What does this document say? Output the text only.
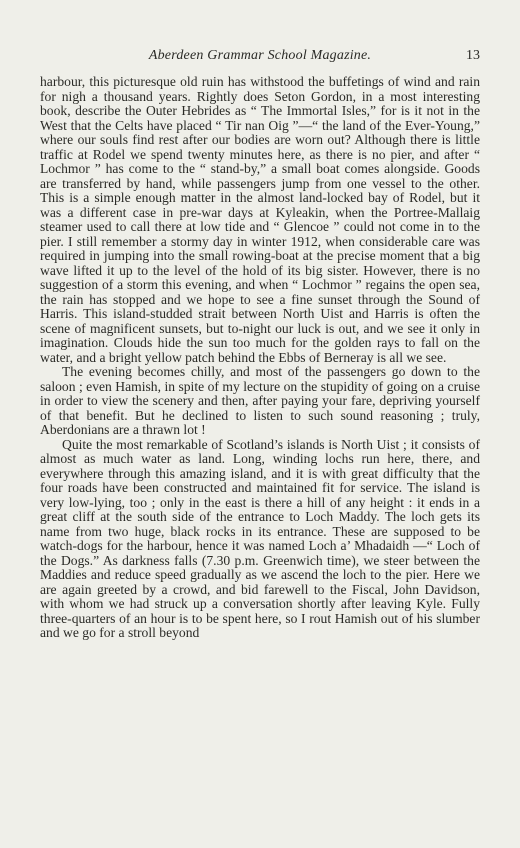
Aberdeen Grammar School Magazine.	13

harbour, this picturesque old ruin has withstood the buffetings of wind and rain for nigh a thousand years. Rightly does Seton Gordon, in a most interesting book, describe the Outer Hebrides as “ The Immortal Isles,” for is it not in the West that the Celts have placed “ Tir nan Oig ”—“ the land of the Ever-Young,” where our souls find rest after our bodies are worn out? Although there is little traffic at Rodel we spend twenty minutes here, as there is no pier, and after “ Lochmor ” has come to the “ stand-by,” a small boat comes alongside. Goods are transferred by hand, while passengers jump from one vessel to the other. This is a simple enough matter in the almost land-locked bay of Rodel, but it was a different case in pre-war days at Kyleakin, when the Portree-Mallaig steamer used to call there at low tide and “ Glencoe ” could not come in to the pier. I still remember a stormy day in winter 1912, when considerable care was required in jumping into the small rowing-boat at the precise moment that a big wave lifted it up to the level of the hold of its big sister. However, there is no suggestion of a storm this evening, and when “ Lochmor ” regains the open sea, the rain has stopped and we hope to see a fine sunset through the Sound of Harris. This island-studded strait between North Uist and Harris is often the scene of magnificent sunsets, but to-night our luck is out, and we see it only in imagination. Clouds hide the sun too much for the golden rays to fall on the water, and a bright yellow patch behind the Ebbs of Berneray is all we see.

The evening becomes chilly, and most of the passengers go down to the saloon ; even Hamish, in spite of my lecture on the stupidity of going on a cruise in order to view the scenery and then, after paying your fare, depriving yourself of that benefit. But he declined to listen to such sound reasoning ; truly, Aberdonians are a thrawn lot !

Quite the most remarkable of Scotland’s islands is North Uist ; it consists of almost as much water as land. Long, winding lochs run here, there, and everywhere through this amazing island, and it is with great difficulty that the four roads have been constructed and maintained fit for service. The island is very low-lying, too ; only in the east is there a hill of any height : it ends in a great cliff at the south side of the entrance to Loch Maddy. The loch gets its name from two huge, black rocks in its entrance. These are supposed to be watch-dogs for the harbour, hence it was named Loch a’ Mhadaidh —“ Loch of the Dogs.” As darkness falls (7.30 p.m. Greenwich time), we steer between the Maddies and reduce speed gradually as we ascend the loch to the pier. Here we are again greeted by a crowd, and bid farewell to the Fiscal, John Davidson, with whom we had struck up a conversation shortly after leaving Kyle. Fully three-quarters of an hour is to be spent here, so I rout Hamish out of his slumber and we go for a stroll beyond
